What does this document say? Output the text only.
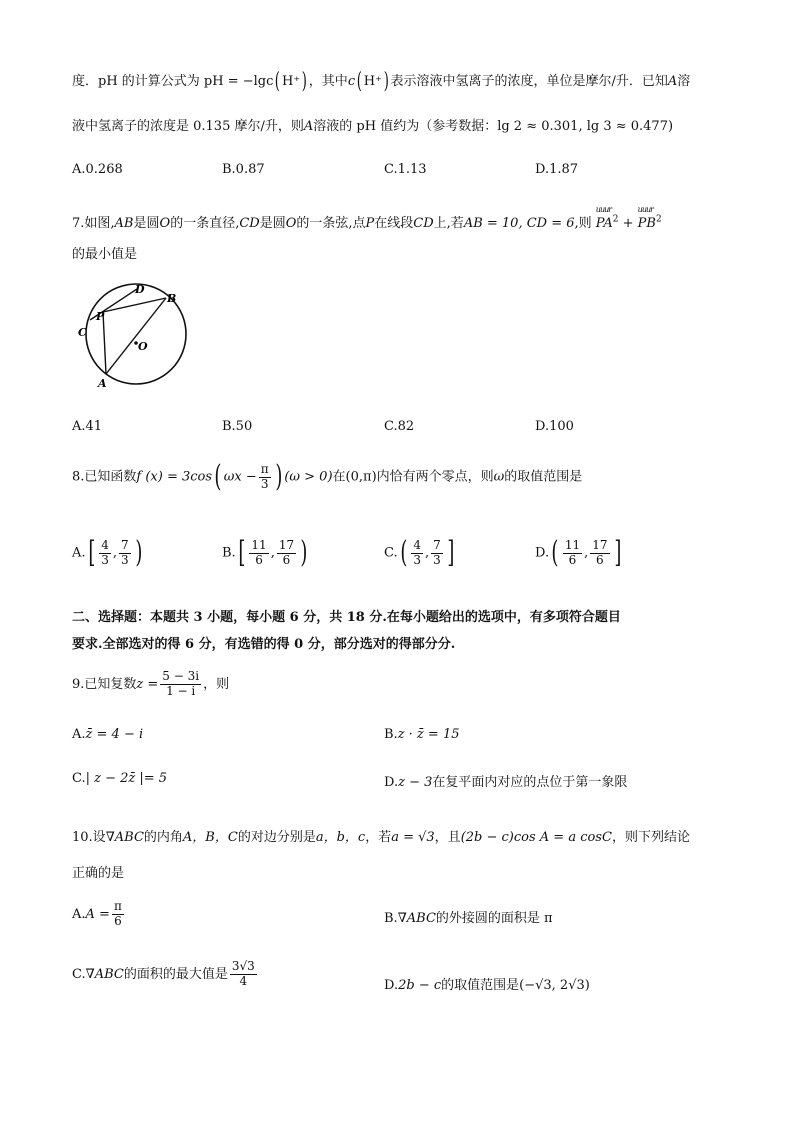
度．pH 的计算公式为 pH = −lgc( H⁺) ，其中c( H⁺) 表示溶液中氢离子的浓度，单位是摩尔/升．已知A溶
液中氢离子的浓度是 0.135 摩尔/升，则A溶液的 pH 值约为（参考数据：lg 2 ≈ 0.301, lg 3 ≈ 0.477)
A.0.268	B.0.87	C.1.13	D.1.87
7.如图,AB是圆O的一条直径,CD是圆O的一条弦,点P在线段CD上,若AB = 10, CD = 6,则
uuur
$PA^2$ +
uuur
$PB^2$
的最小值是
D
B
C
P
O
A
A.41	B.50	C.82	D.100
8.已知函数f (x) = 3cos( $\omega x - \frac{\pi}{3}$ ) (ω > 0)在(0,π)内恰有两个零点，则ω的取值范围是
$A.[ \frac{4}{3}$ , $\frac{7}{3}$ )	$B.[ \frac{11}{6}$ , $\frac{17}{6}$ )	$C.( \frac{4}{3}$ , $\frac{7}{3}$ ]	$D.( \frac{11}{6}$ , $\frac{17}{6}$ ]
二、选择题：本题共 3 小题，每小题 6 分，共 18 分.在每小题给出的选项中，有多项符合题目
要求.全部选对的得 6 分，有选错的得 0 分，部分选对的得部分分.
9.已知复数$z = \frac{5 - 3i}{1 - i}$ ，则
A.z̄ = 4 − i	B.z · z̄ = 15
C.| z − 2z̄ |= 5	D.z − 3在复平面内对应的点位于第一象限
10.设∇ABC的内角A，B，C的对边分别是a，b，c，若a = √3，且(2b − c)cos A = a cosC，则下列结论
正确的是
$A.A = \frac{\pi}{6}$	B.∇ABC的外接圆的面积是 π
C.∇ABC的面积的最大值是 $\frac{3√3}{4}$	D.2b − c的取值范围是(−√3, 2√3)
